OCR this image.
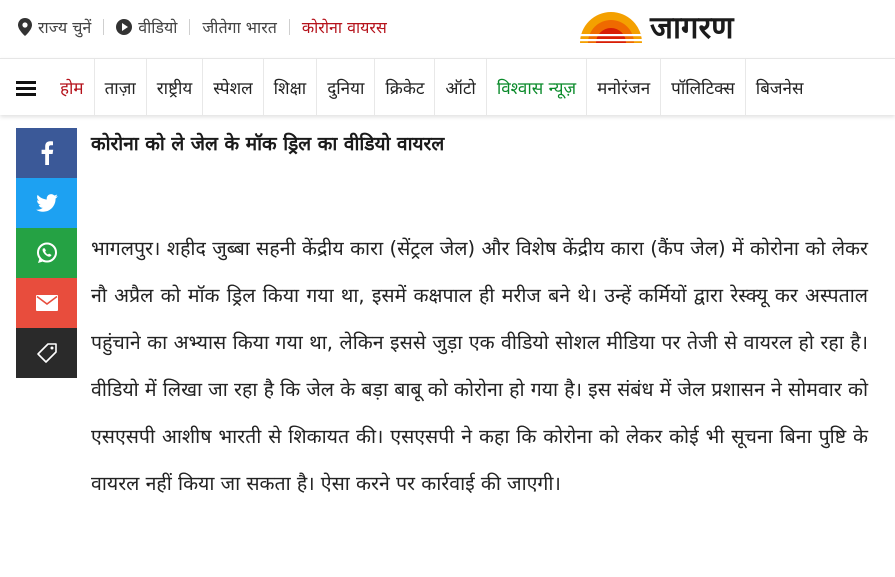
राज्य चुनें	वीडियो जीतेगा भारत कोरोना वायरस	जागरण
होम	ताज़ा	राष्ट्रीय	स्पेशल	शिक्षा	दुनिया	क्रिकेट	ऑटो	विश्वास न्यूज़	मनोरंजन	पॉलिटिक्स	बिजनेस
कोरोना को ले जेल के मॉक ड्रिल का वीडियो वायरल

भागलपुर। शहीद जुब्बा सहनी केंद्रीय कारा (सेंट्रल जेल) और विशेष केंद्रीय कारा (कैंप जेल) में कोरोना को लेकर नौ अप्रैल को मॉक ड्रिल किया गया था, इसमें कक्षपाल ही मरीज बने थे। उन्हें कर्मियों द्वारा रेस्क्यू कर अस्पताल पहुंचाने का अभ्यास किया गया था, लेकिन इससे जुड़ा एक वीडियो सोशल मीडिया पर तेजी से वायरल हो रहा है। वीडियो में लिखा जा रहा है कि जेल के बड़ा बाबू को कोरोना हो गया है। इस संबंध में जेल प्रशासन ने सोमवार को एसएसपी आशीष भारती से शिकायत की। एसएसपी ने कहा कि कोरोना को लेकर कोई भी सूचना बिना पुष्टि के वायरल नहीं किया जा सकता है। ऐसा करने पर कार्रवाई की जाएगी।
